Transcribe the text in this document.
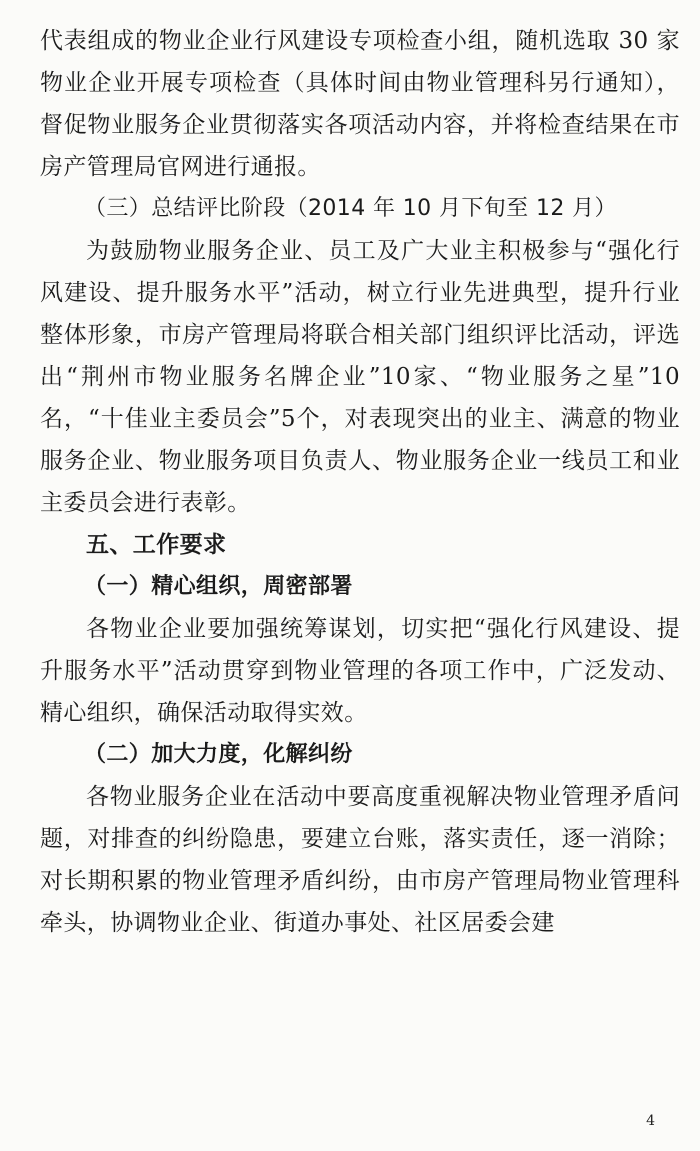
代表组成的物业企业行风建设专项检查小组，随机选取 30 家物业企业开展专项检查（具体时间由物业管理科另行通知），督促物业服务企业贯彻落实各项活动内容，并将检查结果在市房产管理局官网进行通报。

（三）总结评比阶段（2014 年 10 月下旬至 12 月）

为鼓励物业服务企业、员工及广大业主积极参与“强化行风建设、提升服务水平”活动，树立行业先进典型，提升行业整体形象，市房产管理局将联合相关部门组织评比活动，评选出“荆州市物业服务名牌企业”10家、“物业服务之星”10名，“十佳业主委员会”5个，对表现突出的业主、满意的物业服务企业、物业服务项目负责人、物业服务企业一线员工和业主委员会进行表彰。

五、工作要求

（一）精心组织，周密部署

各物业企业要加强统筹谋划，切实把“强化行风建设、提升服务水平”活动贯穿到物业管理的各项工作中，广泛发动、精心组织，确保活动取得实效。

（二）加大力度，化解纠纷

各物业服务企业在活动中要高度重视解决物业管理矛盾问题，对排查的纠纷隐患，要建立台账，落实责任，逐一消除；对长期积累的物业管理矛盾纠纷，由市房产管理局物业管理科牵头，协调物业企业、街道办事处、社区居委会建

4
